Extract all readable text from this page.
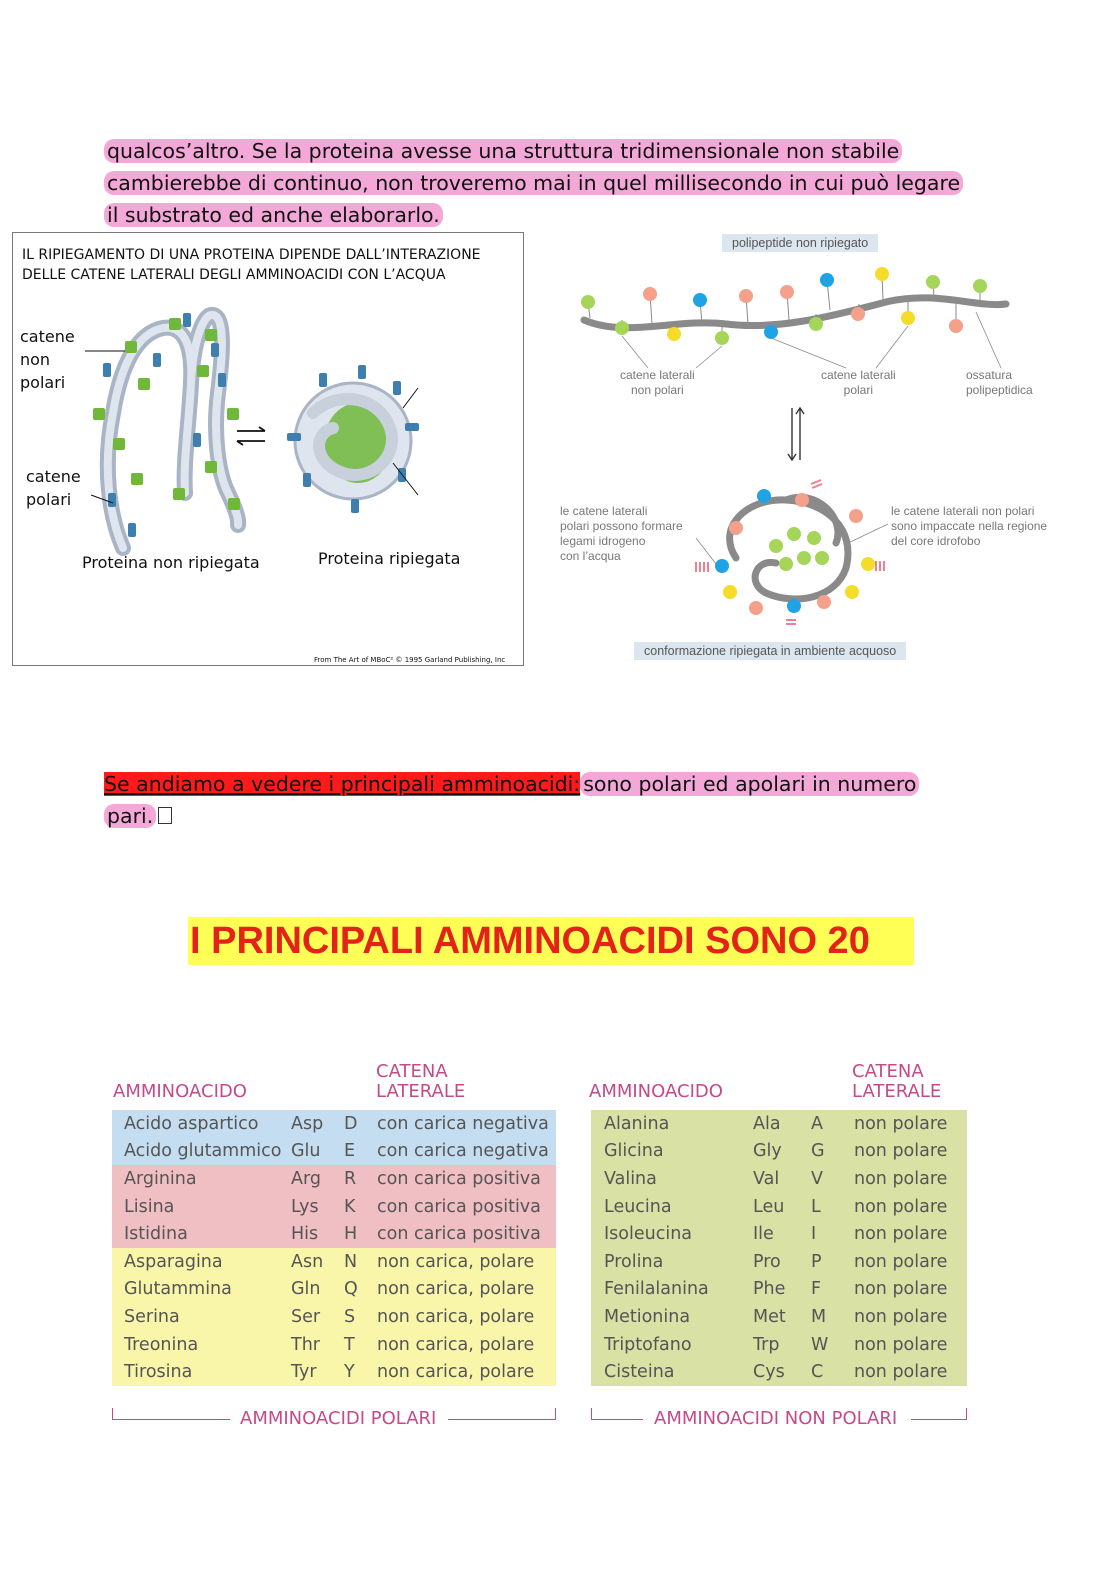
qualcos’altro. Se la proteina avesse una struttura tridimensionale non stabile
cambierebbe di continuo, non troveremo mai in quel millisecondo in cui può legare
il substrato ed anche elaborarlo.
IL RIPIEGAMENTO DI UNA PROTEINA DIPENDE DALL’INTERAZIONE
DELLE CATENE LATERALI DEGLI AMMINOACIDI CON L’ACQUA
catene
non
polari
catene
polari
Proteina non ripiegata	Proteina ripiegata
From The Art of MBoC² © 1995 Garland Publishing, Inc
polipeptide non ripiegato
catene laterali
non polari
catene laterali
polari
ossatura
polipeptidica
le catene laterali
polari possono formare
legami idrogeno
con l’acqua
le catene laterali non polari
sono impaccate nella regione
del core idrofobo
conformazione ripiegata in ambiente acquoso
Se andiamo a vedere i principali amminoacidi: sono polari ed apolari in numero
pari.
I PRINCIPALI AMMINOACIDI SONO 20
AMMINOACIDO
CATENA
LATERALE
Acido aspartico	Asp	D	con carica negativa
Acido glutammico	Glu	E	con carica negativa
Arginina	Arg	R	con carica positiva
Lisina	Lys	K	con carica positiva
Istidina	His	H	con carica positiva
Asparagina	Asn	N	non carica, polare
Glutammina	Gln	Q	non carica, polare
Serina	Ser	S	non carica, polare
Treonina	Thr	T	non carica, polare
Tirosina	Tyr	Y	non carica, polare
AMMINOACIDI POLARI
AMMINOACIDO
CATENA
LATERALE
Alanina	Ala	A	non polare
Glicina	Gly	G	non polare
Valina	Val	V	non polare
Leucina	Leu	L	non polare
Isoleucina	Ile	I	non polare
Prolina	Pro	P	non polare
Fenilalanina	Phe	F	non polare
Metionina	Met	M	non polare
Triptofano	Trp	W	non polare
Cisteina	Cys	C	non polare
AMMINOACIDI NON POLARI
